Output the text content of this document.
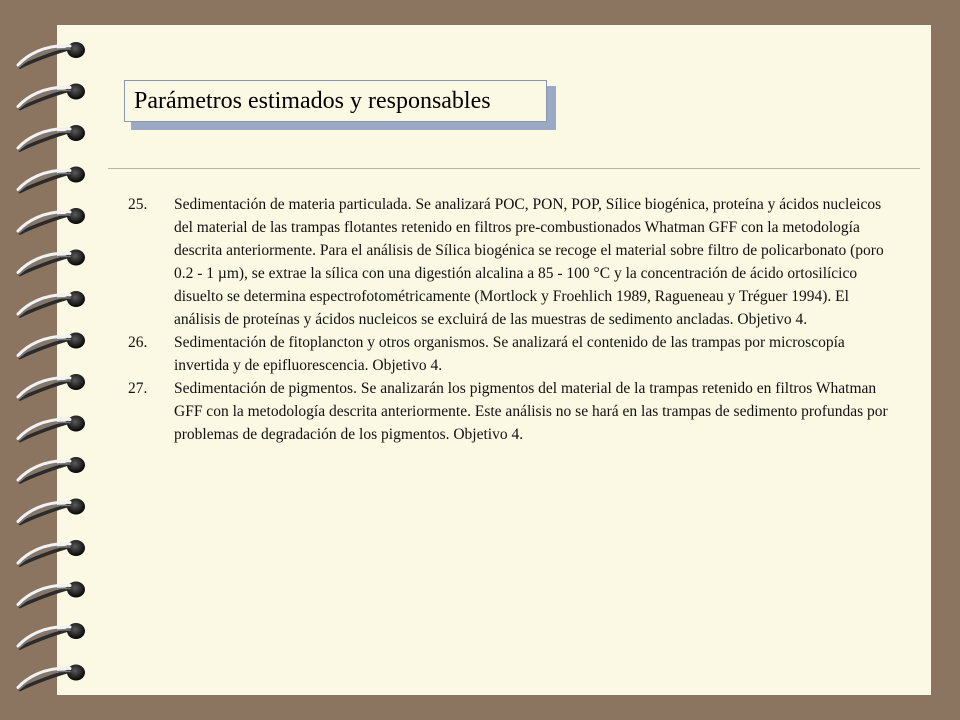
Parámetros estimados y responsables
25. Sedimentación de materia particulada. Se analizará POC, PON, POP, Sílice biogénica, proteína y ácidos nucleicos del material de las trampas flotantes retenido en filtros pre-combustionados Whatman GFF con la metodología descrita anteriormente. Para el análisis de Sílica biogénica se recoge el material sobre filtro de policarbonato (poro 0.2 - 1 µm), se extrae la sílica con una digestión alcalina a 85 - 100 °C y la concentración de ácido ortosilícico disuelto se determina espectrofotométricamente (Mortlock y Froehlich 1989, Ragueneau y Tréguer 1994). El análisis de proteínas y ácidos nucleicos se excluirá de las muestras de sedimento ancladas. Objetivo 4.
26. Sedimentación de fitoplancton y otros organismos. Se analizará el contenido de las trampas por microscopía invertida y de epifluorescencia. Objetivo 4.
27. Sedimentación de pigmentos. Se analizarán los pigmentos del material de la trampas retenido en filtros Whatman GFF con la metodología descrita anteriormente. Este análisis no se hará en las trampas de sedimento profundas por problemas de degradación de los pigmentos. Objetivo 4.
